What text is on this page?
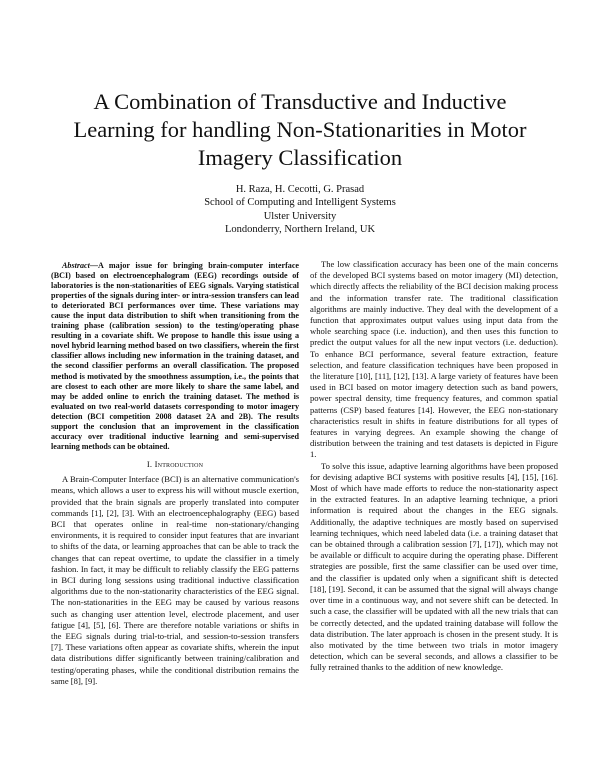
A Combination of Transductive and Inductive
Learning for handling Non-Stationarities in Motor
Imagery Classification
H. Raza, H. Cecotti, G. Prasad
School of Computing and Intelligent Systems
Ulster University
Londonderry, Northern Ireland, UK

Abstract—A major issue for bringing brain-computer interface (BCI) based on electroencephalogram (EEG) recordings outside of laboratories is the non-stationarities of EEG signals. Varying statistical properties of the signals during inter- or intra-session transfers can lead to deteriorated BCI performances over time. These variations may cause the input data distribution to shift when transitioning from the training phase (calibration session) to the testing/operating phase resulting in a covariate shift. We propose to handle this issue using a novel hybrid learning method based on two classifiers, wherein the first classifier allows including new information in the training dataset, and the second classifier performs an overall classification. The proposed method is motivated by the smoothness assumption, i.e., the points that are closest to each other are more likely to share the same label, and may be added online to enrich the training dataset. The method is evaluated on two real-world datasets corresponding to motor imagery detection (BCI competition 2008 dataset 2A and 2B). The results support the conclusion that an improvement in the classification accuracy over traditional inductive learning and semi-supervised learning methods can be obtained.

I. Introduction

A Brain-Computer Interface (BCI) is an alternative communication's means, which allows a user to express his will without muscle exertion, provided that the brain signals are properly translated into computer commands [1], [2], [3]. With an electroencephalography (EEG) based BCI that operates online in real-time non-stationary/changing environments, it is required to consider input features that are invariant to shifts of the data, or learning approaches that can be able to track the changes that can repeat overtime, to update the classifier in a timely fashion. In fact, it may be difficult to reliably classify the EEG patterns in BCI during long sessions using traditional inductive classification algorithms due to the non-stationarity characteristics of the EEG signal. The non-stationarities in the EEG may be caused by various reasons such as changing user attention level, electrode placement, and user fatigue [4], [5], [6]. There are therefore notable variations or shifts in the EEG signals during trial-to-trial, and session-to-session transfers [7]. These variations often appear as covariate shifts, wherein the input data distributions differ significantly between training/calibration and testing/operating phases, while the conditional distribution remains the same [8], [9].

The low classification accuracy has been one of the main concerns of the developed BCI systems based on motor imagery (MI) detection, which directly affects the reliability of the BCI decision making process and the information transfer rate. The traditional classification algorithms are mainly inductive. They deal with the development of a function that approximates output values using input data from the whole searching space (i.e. induction), and then uses this function to predict the output values for all the new input vectors (i.e. deduction). To enhance BCI performance, several feature extraction, feature selection, and feature classification techniques have been proposed in the literature [10], [11], [12], [13]. A large variety of features have been used in BCI based on motor imagery detection such as band powers, power spectral density, time frequency features, and common spatial patterns (CSP) based features [14]. However, the EEG non-stationary characteristics result in shifts in feature distributions for all types of features in varying degrees. An example showing the change of distribution between the training and test datasets is depicted in Figure 1.

To solve this issue, adaptive learning algorithms have been proposed for devising adaptive BCI systems with positive results [4], [15], [16]. Most of which have made efforts to reduce the non-stationarity aspect in the extracted features. In an adaptive learning technique, a priori information is required about the changes in the EEG signals. Additionally, the adaptive techniques are mostly based on supervised learning techniques, which need labeled data (i.e. a training dataset that can be obtained through a calibration session [7], [17]), which may not be available or difficult to acquire during the operating phase. Different strategies are possible, first the same classifier can be used over time, and the classifier is updated only when a significant shift is detected [18], [19]. Second, it can be assumed that the signal will always change over time in a continuous way, and not severe shift can be detected. In such a case, the classifier will be updated with all the new trials that can be correctly detected, and the updated training database will follow the data distribution. The later approach is chosen in the present study. It is also motivated by the time between two trials in motor imagery detection, which can be several seconds, and allows a classifier to be fully retrained thanks to the addition of new knowledge.
